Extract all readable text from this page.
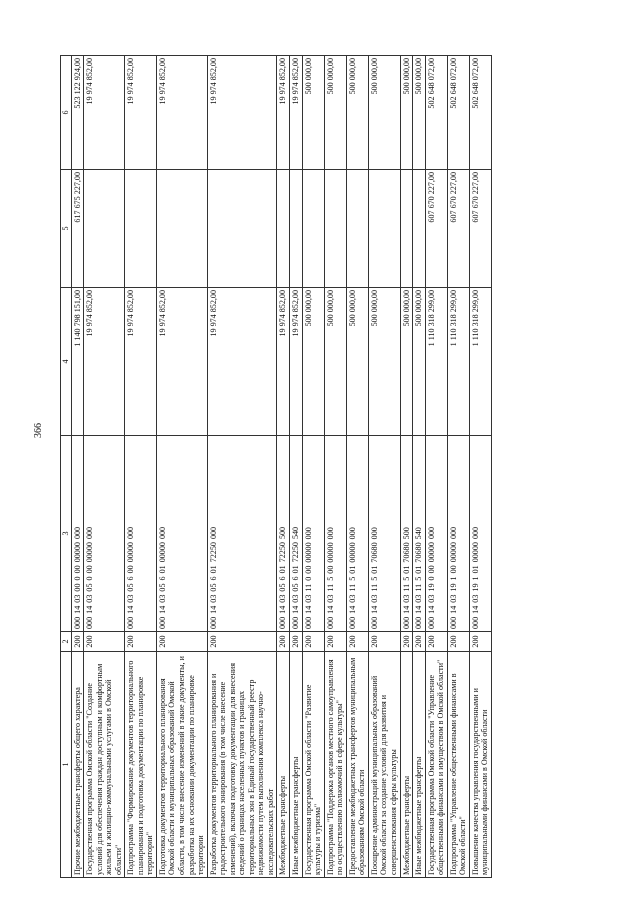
366
1	2	3	4	5	6
Прочие межбюджетные трансферты общего характера	200	000 14 03 00 0 00 00000 000	1 140 798 151,00	617 675 227,00	523 122 924,00
Государственная программа Омской области "Создание условий для обеспечения граждан доступным и комфортным жильем и жилищно-коммунальными услугами в Омской области"	200	000 14 03 05 0 00 00000 000	19 974 852,00		19 974 852,00
Подпрограмма "Формирование документов территориального планирования и подготовка документации по планировке территории"	200	000 14 03 05 6 00 00000 000	19 974 852,00		19 974 852,00
Подготовка документов территориального планирования Омской области и муниципальных образований Омской области, в том числе внесение изменений в такие документы, и разработка на их основании документации по планировке территории	200	000 14 03 05 6 01 00000 000	19 974 852,00		19 974 852,00
Разработка документов территориального планирования и градостроительного зонирования (в том числе внесение изменений), включая подготовку документации для внесения сведений о границах населенных пунктов и границах территориальных зон в Единый государственный реестр недвижимости путем выполнения комплекса научно-исследовательских работ	200	000 14 03 05 6 01 72250 000	19 974 852,00		19 974 852,00
Межбюджетные трансферты	200	000 14 03 05 6 01 72250 500	19 974 852,00		19 974 852,00
Иные межбюджетные трансферты	200	000 14 03 05 6 01 72250 540	19 974 852,00		19 974 852,00
Государственная программа Омской области "Развитие культуры и туризма"	200	000 14 03 11 0 00 00000 000	500 000,00		500 000,00
Подпрограмма "Поддержка органов местного самоуправления по осуществлению полномочий в сфере культуры"	200	000 14 03 11 5 00 00000 000	500 000,00		500 000,00
Предоставление межбюджетных трансфертов муниципальным образованиям Омской области	200	000 14 03 11 5 01 00000 000	500 000,00		500 000,00
Поощрение администраций муниципальных образований Омской области за создание условий для развития и совершенствования сферы культуры	200	000 14 03 11 5 01 70680 000	500 000,00		500 000,00
Межбюджетные трансферты	200	000 14 03 11 5 01 70680 500	500 000,00		500 000,00
Иные межбюджетные трансферты	200	000 14 03 11 5 01 70680 540	500 000,00		500 000,00
Государственная программа Омской области "Управление общественными финансами и имуществом в Омской области"	200	000 14 03 19 0 00 00000 000	1 110 318 299,00	607 670 227,00	502 648 072,00
Подпрограмма "Управление общественными финансами в Омской области"	200	000 14 03 19 1 00 00000 000	1 110 318 299,00	607 670 227,00	502 648 072,00
Повышение качества управления государственными и муниципальными финансами в Омской области	200	000 14 03 19 1 01 00000 000	1 110 318 299,00	607 670 227,00	502 648 072,00
